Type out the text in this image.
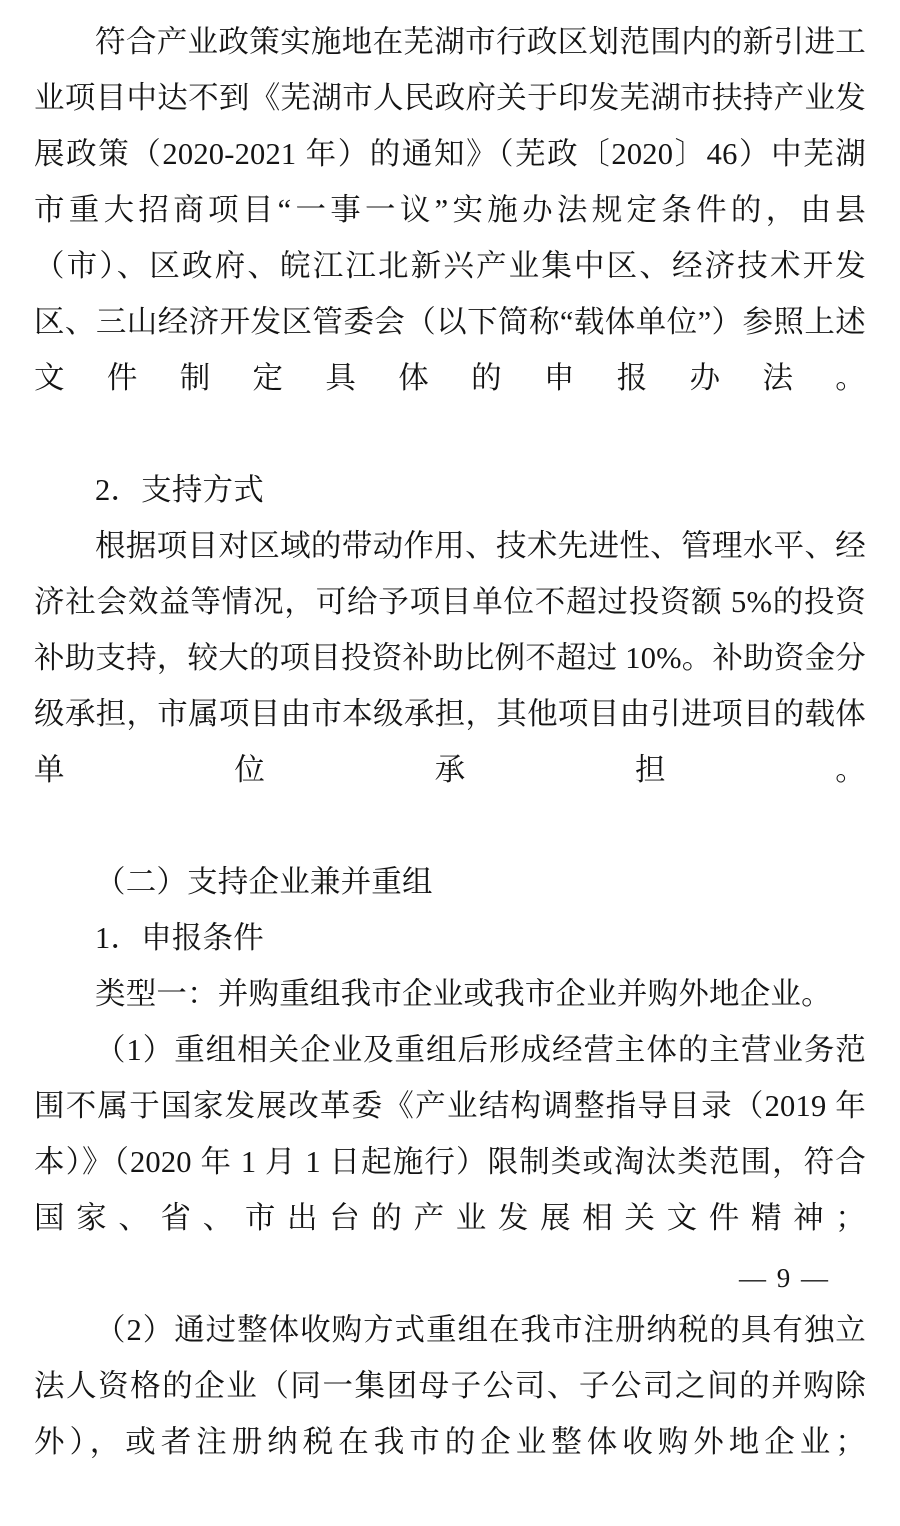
符合产业政策实施地在芜湖市行政区划范围内的新引进工业项目中达不到《芜湖市人民政府关于印发芜湖市扶持产业发展政策（2020-2021 年）的通知》（芜政〔2020〕46）中芜湖市重大招商项目“一事一议”实施办法规定条件的，由县（市）、区政府、皖江江北新兴产业集中区、经济技术开发区、三山经济开发区管委会（以下简称“载体单位”）参照上述文件制定具体的申报办法。

2．支持方式

根据项目对区域的带动作用、技术先进性、管理水平、经济社会效益等情况，可给予项目单位不超过投资额 5%的投资补助支持，较大的项目投资补助比例不超过 10%。补助资金分级承担，市属项目由市本级承担，其他项目由引进项目的载体单位承担。

（二）支持企业兼并重组

1．申报条件

类型一：并购重组我市企业或我市企业并购外地企业。

（1）重组相关企业及重组后形成经营主体的主营业务范围不属于国家发展改革委《产业结构调整指导目录（2019 年本）》（2020 年 1 月 1 日起施行）限制类或淘汰类范围，符合国家、省、市出台的产业发展相关文件精神；

（2）通过整体收购方式重组在我市注册纳税的具有独立法人资格的企业（同一集团母子公司、子公司之间的并购除外），或者注册纳税在我市的企业整体收购外地企业；

— 9 —
